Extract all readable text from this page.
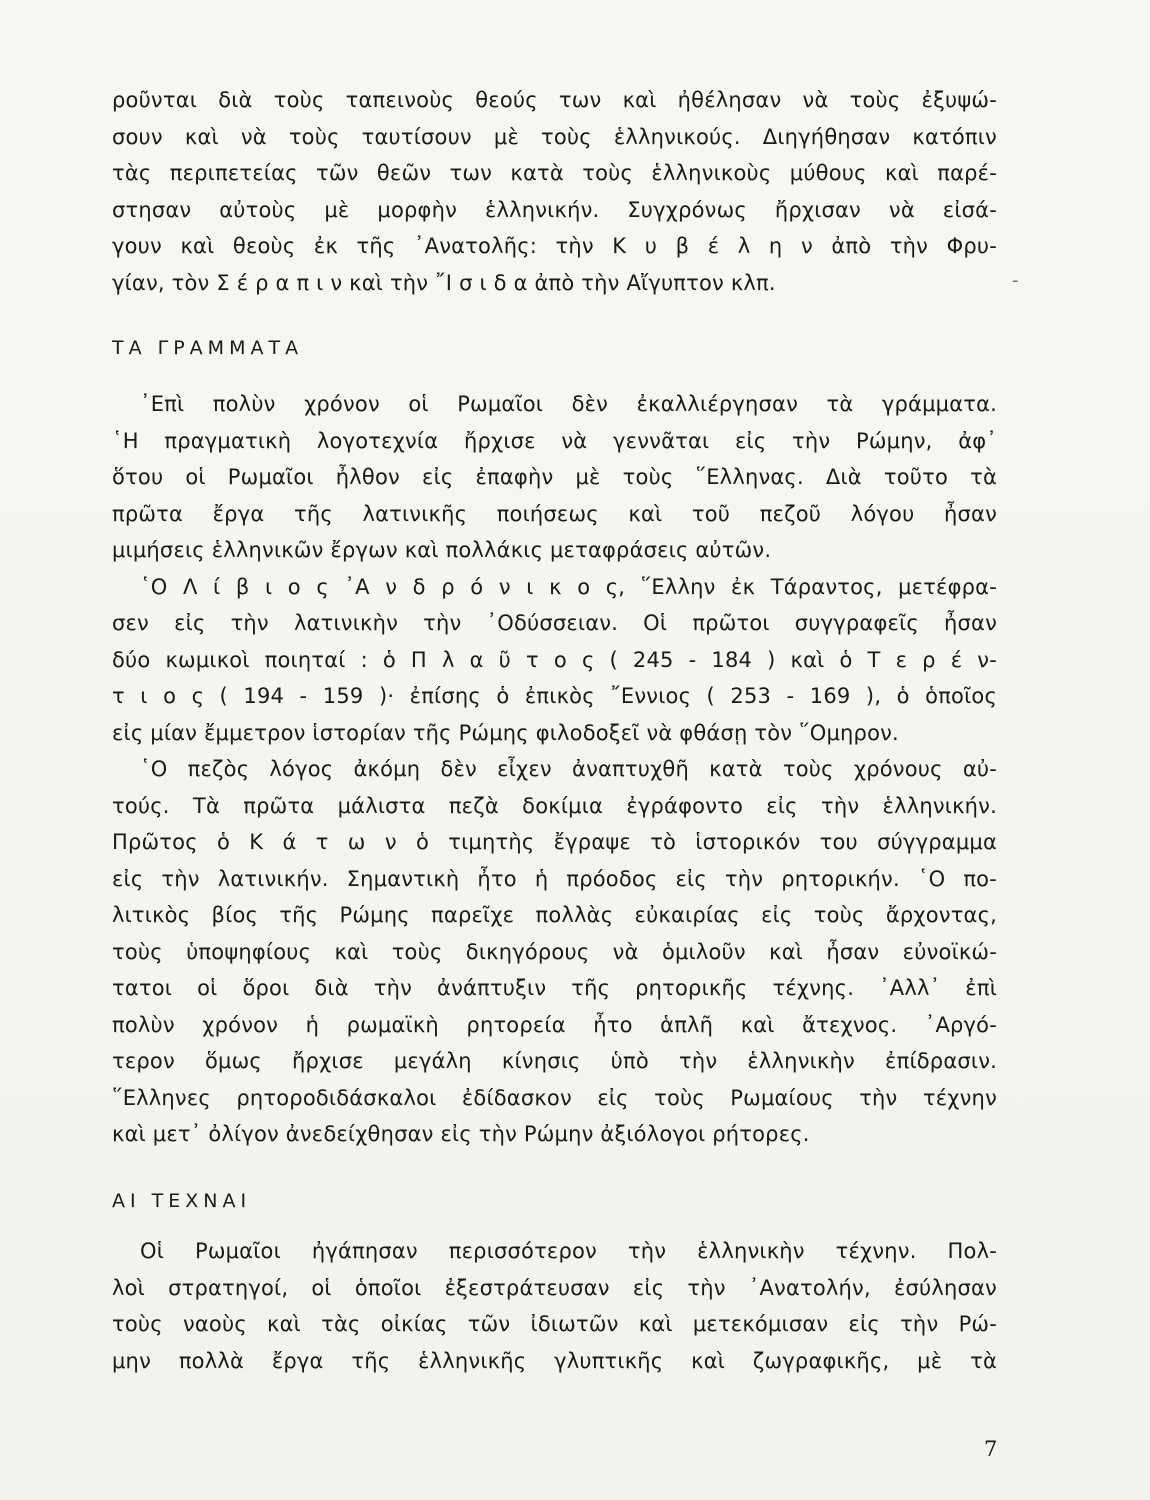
ροῦνται διὰ τοὺς ταπεινοὺς θεούς των καὶ ἠθέλησαν νὰ τοὺς ἐξυψώ-
σουν καὶ νὰ τοὺς ταυτίσουν μὲ τοὺς ἑλληνικούς. Διηγήθησαν κατόπιν
τὰς περιπετείας τῶν θεῶν των κατὰ τοὺς ἑλληνικοὺς μύθους καὶ παρέ-
στησαν αὐτοὺς μὲ μορφὴν ἑλληνικήν. Συγχρόνως ἤρχισαν νὰ εἰσά-
γουν καὶ θεοὺς ἐκ τῆς ᾿Ανατολῆς: τὴν Κ υ β έ λ η ν ἀπὸ τὴν Φρυ-
γίαν, τὸν Σ έ ρ α π ι ν καὶ τὴν ῎Ι σ ι δ α ἀπὸ τὴν Αἴγυπτον κλπ.	-
ΤΑ ΓΡΑΜΜΑΤΑ
᾿Επὶ πολὺν χρόνον οἱ Ρωμαῖοι δὲν ἐκαλλιέργησαν τὰ γράμματα.
῾Η πραγματικὴ λογοτεχνία ἤρχισε νὰ γεννᾶται εἰς τὴν Ρώμην, ἀφ᾿
ὅτου οἱ Ρωμαῖοι ἦλθον εἰς ἐπαφὴν μὲ τοὺς ῞Ελληνας. Διὰ τοῦτο τὰ
πρῶτα ἔργα τῆς λατινικῆς ποιήσεως καὶ τοῦ πεζοῦ λόγου ἦσαν
μιμήσεις ἑλληνικῶν ἔργων καὶ πολλάκις μεταφράσεις αὐτῶν.
῾Ο Λ ί β ι ο ς ᾿Α ν δ ρ ό ν ι κ ο ς, ῞Ελλην ἐκ Τάραντος, μετέφρα-
σεν εἰς τὴν λατινικὴν τὴν ᾿Οδύσσειαν. Οἱ πρῶτοι συγγραφεῖς ἦσαν
δύο κωμικοὶ ποιηταί : ὁ Π λ α ῦ τ ο ς ( 245 - 184 ) καὶ ὁ Τ ε ρ έ ν-
τ ι ο ς ( 194 - 159 )· ἐπίσης ὁ ἐπικὸς ῎Εννιος ( 253 - 169 ), ὁ ὁποῖος
εἰς μίαν ἔμμετρον ἱστορίαν τῆς Ρώμης φιλοδοξεῖ νὰ φθάσῃ τὸν ῞Ομηρον.
῾Ο πεζὸς λόγος ἀκόμη δὲν εἶχεν ἀναπτυχθῆ κατὰ τοὺς χρόνους αὐ-
τούς. Τὰ πρῶτα μάλιστα πεζὰ δοκίμια ἐγράφοντο εἰς τὴν ἑλληνικήν.
Πρῶτος ὁ Κ ά τ ω ν ὁ τιμητὴς ἔγραψε τὸ ἱστορικόν του σύγγραμμα
εἰς τὴν λατινικήν. Σημαντικὴ ἦτο ἡ πρόοδος εἰς τὴν ρητορικήν. ῾Ο πο-
λιτικὸς βίος τῆς Ρώμης παρεῖχε πολλὰς εὐκαιρίας εἰς τοὺς ἄρχοντας,
τοὺς ὑποψηφίους καὶ τοὺς δικηγόρους νὰ ὁμιλοῦν καὶ ἦσαν εὐνοϊκώ-
τατοι οἱ ὅροι διὰ τὴν ἀνάπτυξιν τῆς ρητορικῆς τέχνης. ᾿Αλλ᾿ ἐπὶ
πολὺν χρόνον ἡ ρωμαϊκὴ ρητορεία ἦτο ἁπλῆ καὶ ἄτεχνος. ᾿Αργό-
τερον ὅμως ἤρχισε μεγάλη κίνησις ὑπὸ τὴν ἑλληνικὴν ἐπίδρασιν.
῞Ελληνες ρητοροδιδάσκαλοι ἐδίδασκον εἰς τοὺς Ρωμαίους τὴν τέχνην
καὶ μετ᾿ ὀλίγον ἀνεδείχθησαν εἰς τὴν Ρώμην ἀξιόλογοι ρήτορες.
ΑΙ ΤΕΧΝΑΙ
Οἱ Ρωμαῖοι ἠγάπησαν περισσότερον τὴν ἑλληνικὴν τέχνην. Πολ-
λοὶ στρατηγοί, οἱ ὁποῖοι ἐξεστράτευσαν εἰς τὴν ᾿Ανατολήν, ἐσύλησαν
τοὺς ναοὺς καὶ τὰς οἰκίας τῶν ἰδιωτῶν καὶ μετεκόμισαν εἰς τὴν Ρώ-
μην πολλὰ ἔργα τῆς ἑλληνικῆς γλυπτικῆς καὶ ζωγραφικῆς, μὲ τὰ
7
